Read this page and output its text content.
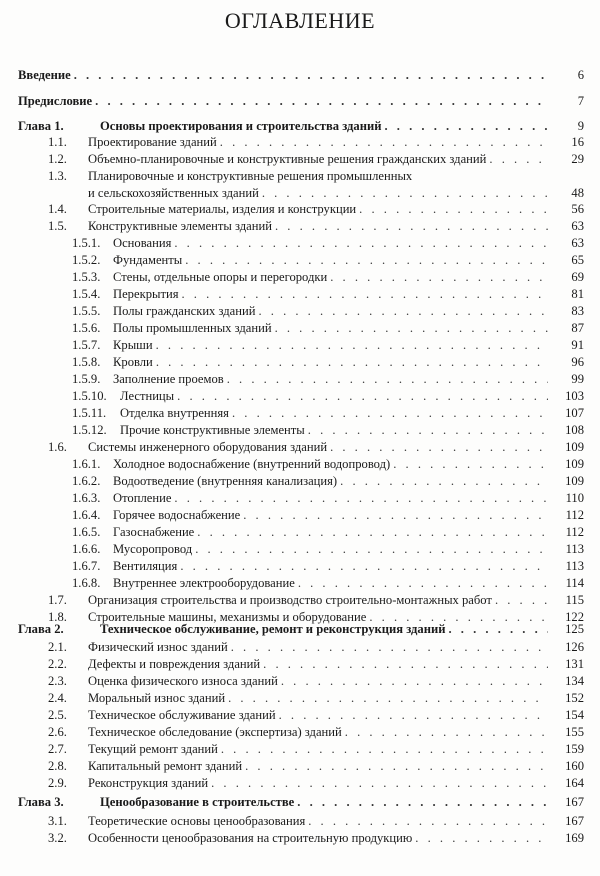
ОГЛАВЛЕНИЕ
Введение . . .	6
Предисловие . . .	7
Глава 1.	Основы проектирования и строительства зданий . . .	9
1.1. Проектирование зданий . . .	16
1.2. Объемно-планировочные и конструктивные решения гражданских зданий . . .	29
1.3. Планировочные и конструктивные решения промышленных
и сельскохозяйственных зданий . . .	48
1.4. Строительные материалы, изделия и конструкции . . .	56
1.5. Конструктивные элементы зданий . . .	63
1.5.1. Основания . . .	63
1.5.2. Фундаменты . . .	65
1.5.3. Стены, отдельные опоры и перегородки . . .	69
1.5.4. Перекрытия . . .	81
1.5.5. Полы гражданских зданий . . .	83
1.5.6. Полы промышленных зданий . . .	87
1.5.7. Крыши . . .	91
1.5.8. Кровли . . .	96
1.5.9. Заполнение проемов . . .	99
1.5.10. Лестницы . . .	103
1.5.11. Отделка внутренняя . . .	107
1.5.12. Прочие конструктивные элементы . . .	108
1.6. Системы инженерного оборудования зданий . . .	109
1.6.1. Холодное водоснабжение (внутренний водопровод) . . .	109
1.6.2. Водоотведение (внутренняя канализация) . . .	109
1.6.3. Отопление . . .	110
1.6.4. Горячее водоснабжение . . .	112
1.6.5. Газоснабжение . . .	112
1.6.6. Мусоропровод . . .	113
1.6.7. Вентиляция . . .	113
1.6.8. Внутреннее электрооборудование . . .	114
1.7. Организация строительства и производство строительно-монтажных работ . . .	115
1.8. Строительные машины, механизмы и оборудование . . .	122
Глава 2.	Техническое обслуживание, ремонт и реконструкция зданий . . .	125
2.1. Физический износ зданий . . .	126
2.2. Дефекты и повреждения зданий . . .	131
2.3. Оценка физического износа зданий . . .	134
2.4. Моральный износ зданий . . .	152
2.5. Техническое обслуживание зданий . . .	154
2.6. Техническое обследование (экспертиза) зданий . . .	155
2.7. Текущий ремонт зданий . . .	159
2.8. Капитальный ремонт зданий . . .	160
2.9. Реконструкция зданий . . .	164
Глава 3.	Ценообразование в строительстве . . .	167
3.1. Теоретические основы ценообразования . . .	167
3.2. Особенности ценообразования на строительную продукцию . . .	169
